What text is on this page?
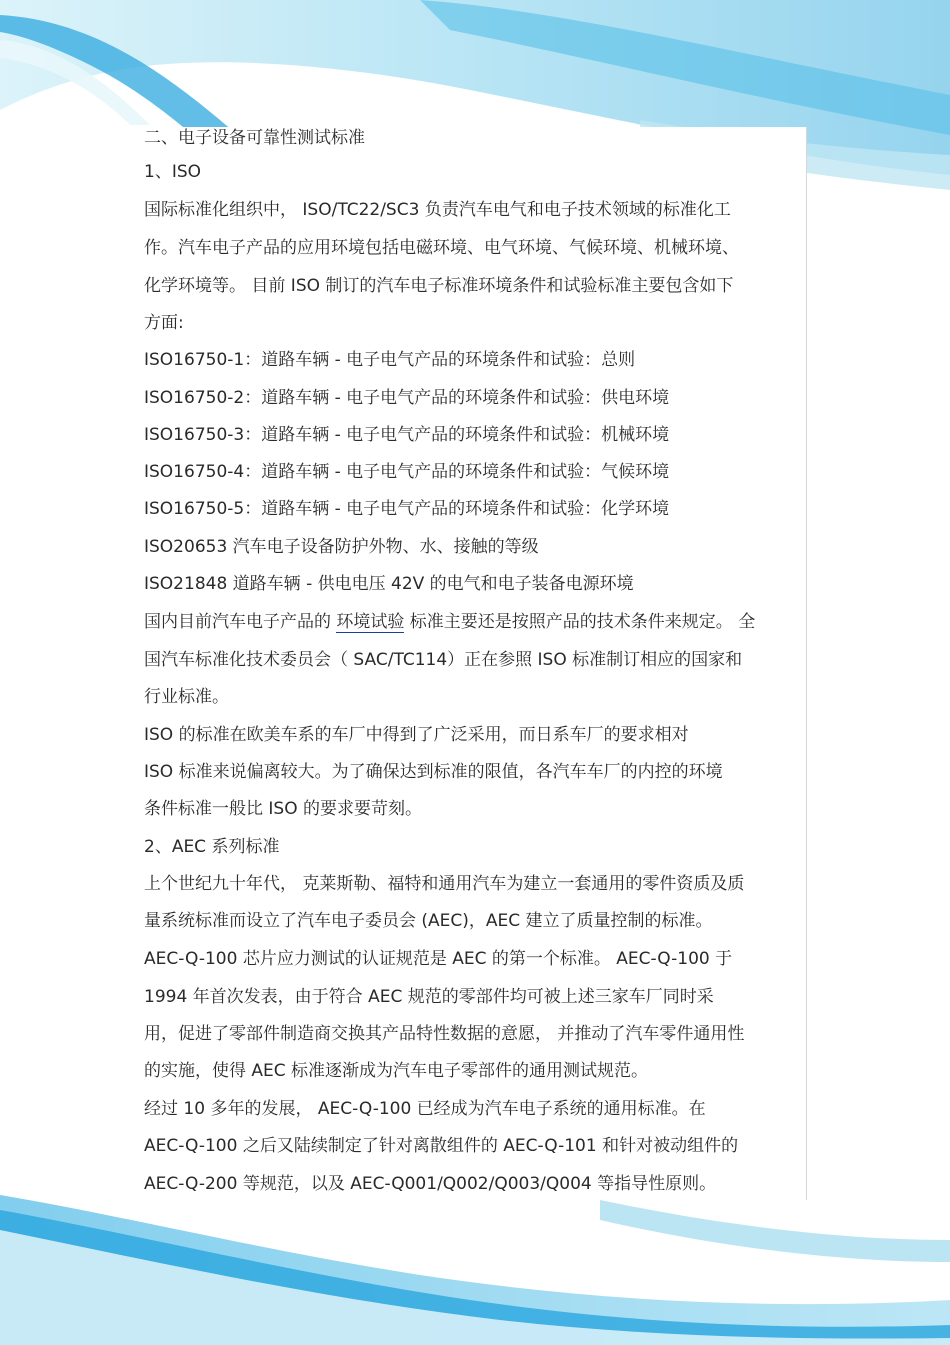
二、电子设备可靠性测试标准
1、ISO
国际标准化组织中， ISO/TC22/SC3 负责汽车电气和电子技术领域的标准化工
作。汽车电子产品的应用环境包括电磁环境、电气环境、气候环境、机械环境、
化学环境等。 目前 ISO 制订的汽车电子标准环境条件和试验标准主要包含如下
方面:
ISO16750-1：道路车辆 - 电子电气产品的环境条件和试验：总则
ISO16750-2：道路车辆 - 电子电气产品的环境条件和试验：供电环境
ISO16750-3：道路车辆 - 电子电气产品的环境条件和试验：机械环境
ISO16750-4：道路车辆 - 电子电气产品的环境条件和试验：气候环境
ISO16750-5：道路车辆 - 电子电气产品的环境条件和试验：化学环境
ISO20653 汽车电子设备防护外物、水、接触的等级
ISO21848 道路车辆 - 供电电压 42V 的电气和电子装备电源环境
国内目前汽车电子产品的 环境试验 标准主要还是按照产品的技术条件来规定。 全
国汽车标准化技术委员会（ SAC/TC114）正在参照 ISO 标准制订相应的国家和
行业标准。
ISO 的标准在欧美车系的车厂中得到了广泛采用，而日系车厂的要求相对
ISO 标准来说偏离较大。为了确保达到标准的限值，各汽车车厂的内控的环境
条件标准一般比 ISO 的要求要苛刻。
2、AEC 系列标准
上个世纪九十年代， 克莱斯勒、福特和通用汽车为建立一套通用的零件资质及质
量系统标准而设立了汽车电子委员会 (AEC)，AEC 建立了质量控制的标准。
AEC-Q-100 芯片应力测试的认证规范是 AEC 的第一个标准。 AEC-Q-100 于
1994 年首次发表，由于符合 AEC 规范的零部件均可被上述三家车厂同时采
用，促进了零部件制造商交换其产品特性数据的意愿， 并推动了汽车零件通用性
的实施，使得 AEC 标准逐渐成为汽车电子零部件的通用测试规范。
经过 10 多年的发展， AEC-Q-100 已经成为汽车电子系统的通用标准。在
AEC-Q-100 之后又陆续制定了针对离散组件的 AEC-Q-101 和针对被动组件的
AEC-Q-200 等规范，以及 AEC-Q001/Q002/Q003/Q004 等指导性原则。
